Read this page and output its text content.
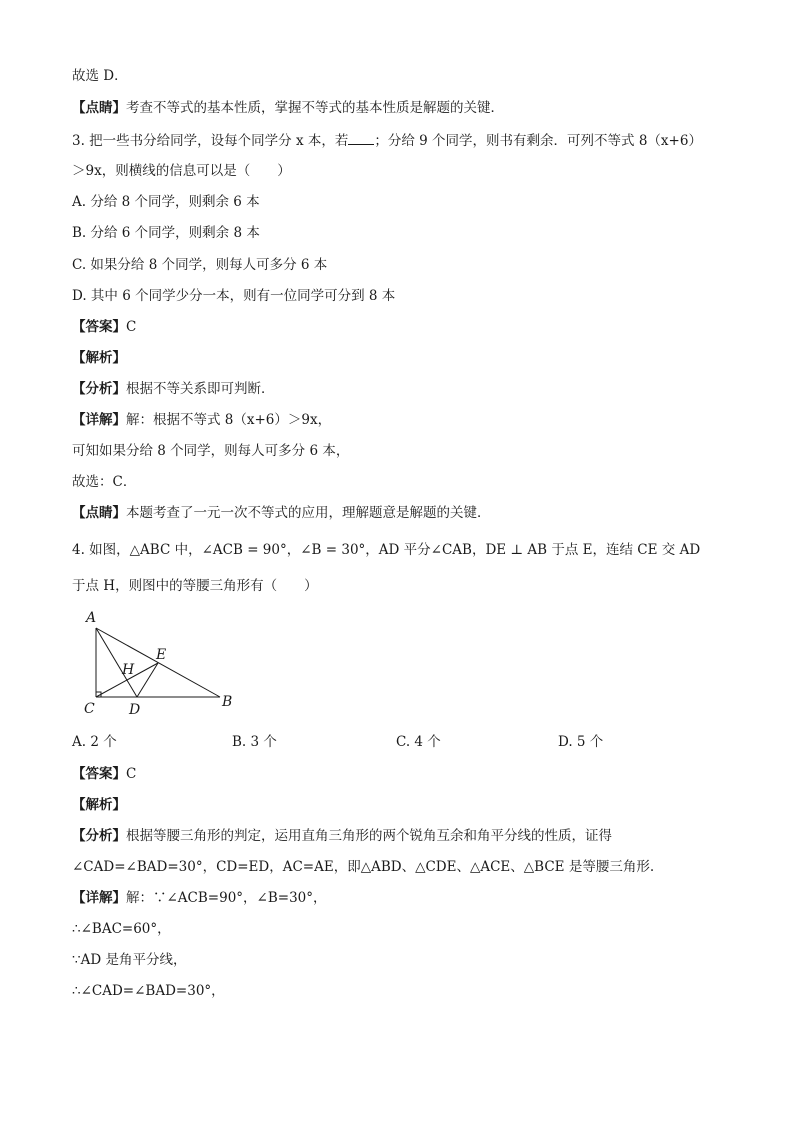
故选 D．
【点睛】考查不等式的基本性质，掌握不等式的基本性质是解题的关键．
3. 把一些书分给同学，设每个同学分 x 本，若 ；分给 9 个同学，则书有剩余．可列不等式 8（x+6）
＞9x，则横线的信息可以是（　　）
A. 分给 8 个同学，则剩余 6 本
B. 分给 6 个同学，则剩余 8 本
C. 如果分给 8 个同学，则每人可多分 6 本
D. 其中 6 个同学少分一本，则有一位同学可分到 8 本
【答案】C
【解析】
【分析】根据不等关系即可判断．
【详解】解：根据不等式 8（x+6）＞9x，
可知如果分给 8 个同学，则每人可多分 6 本，
故选：C．
【点睛】本题考查了一元一次不等式的应用，理解题意是解题的关键．
4. 如图，△ABC 中，∠ACB = 90°，∠B = 30°，AD 平分∠CAB，DE ⊥ AB 于点 E，连结 CE 交 AD
于点 H，则图中的等腰三角形有（　　）
A
B
C D
E
H
A. 2 个	B. 3 个	C. 4 个	D. 5 个
【答案】C
【解析】
【分析】根据等腰三角形的判定，运用直角三角形的两个锐角互余和角平分线的性质，证得
∠CAD=∠BAD=30°，CD=ED，AC=AE，即△ABD、△CDE、△ACE、△BCE 是等腰三角形.
【详解】解：∵∠ACB=90°，∠B=30°，
∴∠BAC=60°，
∵AD 是角平分线，
∴∠CAD=∠BAD=30°，
